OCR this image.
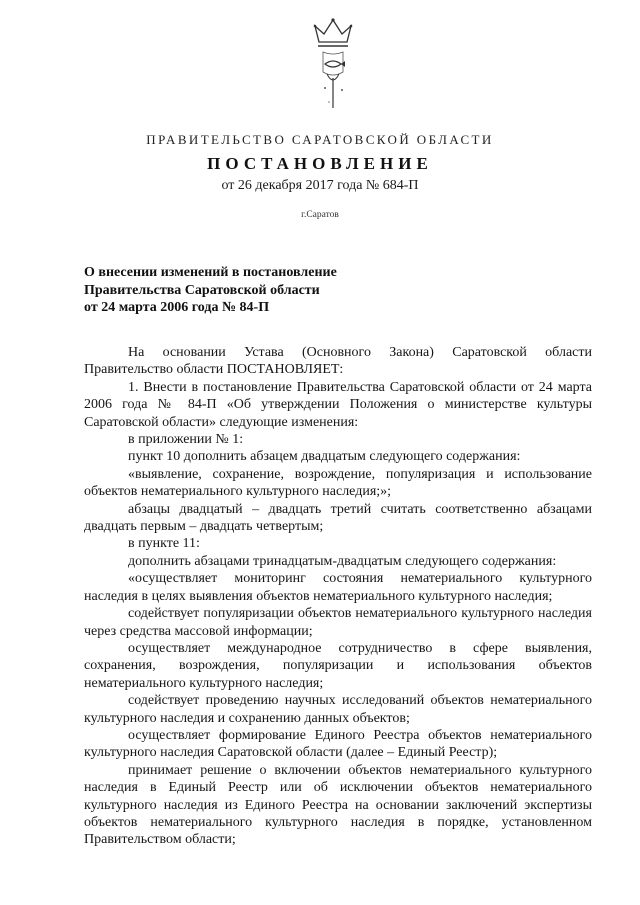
ПРАВИТЕЛЬСТВО САРАТОВСКОЙ ОБЛАСТИ
ПОСТАНОВЛЕНИЕ
от 26 декабря 2017 года № 684-П
г.Саратов
О внесении изменений в постановление
Правительства Саратовской области
от 24 марта 2006 года № 84-П

На основании Устава (Основного Закона) Саратовской области Правительство области ПОСТАНОВЛЯЕТ:

1. Внести в постановление Правительства Саратовской области от 24 марта 2006 года № 84-П «Об утверждении Положения о министерстве культуры Саратовской области» следующие изменения:

в приложении № 1:

пункт 10 дополнить абзацем двадцатым следующего содержания:

«выявление, сохранение, возрождение, популяризация и использование объектов нематериального культурного наследия;»;

абзацы двадцатый – двадцать третий считать соответственно абзацами двадцать первым – двадцать четвертым;

в пункте 11:

дополнить абзацами тринадцатым-двадцатым следующего содержания:

«осуществляет мониторинг состояния нематериального культурного наследия в целях выявления объектов нематериального культурного наследия;

содействует популяризации объектов нематериального культурного наследия через средства массовой информации;

осуществляет международное сотрудничество в сфере выявления, сохранения, возрождения, популяризации и использования объектов нематериального культурного наследия;

содействует проведению научных исследований объектов нематериального культурного наследия и сохранению данных объектов;

осуществляет формирование Единого Реестра объектов нематериального культурного наследия Саратовской области (далее – Единый Реестр);

принимает решение о включении объектов нематериального культурного наследия в Единый Реестр или об исключении объектов нематериального культурного наследия из Единого Реестра на основании заключений экспертизы объектов нематериального культурного наследия в порядке, установленном Правительством области;
